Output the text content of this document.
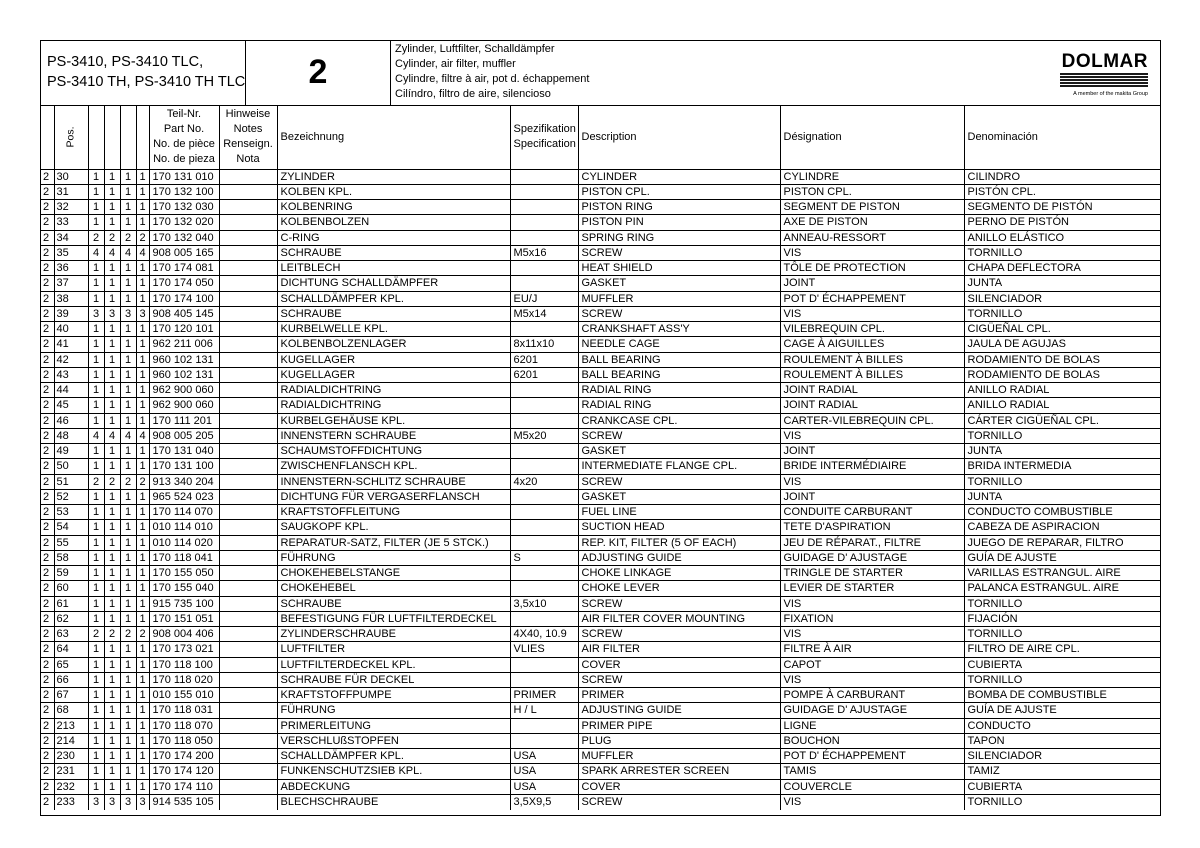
PS-3410, PS-3410 TLC,
PS-3410 TH, PS-3410 TH TLC	2
Zylinder, Luftfilter, Schalldämpfer
Cylinder, air filter, muffler
Cylindre, filtre à air, pot d. échappement
Cilíndro, filtro de aire, silencioso
DOLMAR
A member of the makita Group
	Pos.					Teil-Nr.
Part No.
No. de pièce
No. de pieza	Hinweise
Notes
Renseign.
Nota	Bezeichnung	Spezifikation
Specification	Description	Désignation	Denominación
2	30	1	1	1	1	170 131 010		ZYLINDER		CYLINDER	CYLINDRE	CILINDRO
2	31	1	1	1	1	170 132 100		KOLBEN KPL.		PISTON CPL.	PISTON CPL.	PISTÓN CPL.
2	32	1	1	1	1	170 132 030		KOLBENRING		PISTON RING	SEGMENT DE PISTON	SEGMENTO DE PISTÓN
2	33	1	1	1	1	170 132 020		KOLBENBOLZEN		PISTON PIN	AXE DE PISTON	PERNO DE PISTÓN
2	34	2	2	2	2	170 132 040		C-RING		SPRING RING	ANNEAU-RESSORT	ANILLO ELÁSTICO
2	35	4	4	4	4	908 005 165		SCHRAUBE	M5x16	SCREW	VIS	TORNILLO
2	36	1	1	1	1	170 174 081		LEITBLECH		HEAT SHIELD	TÔLE DE PROTECTION	CHAPA DEFLECTORA
2	37	1	1	1	1	170 174 050		DICHTUNG SCHALLDÄMPFER		GASKET	JOINT	JUNTA
2	38	1	1	1	1	170 174 100		SCHALLDÄMPFER KPL.	EU/J	MUFFLER	POT D' ÉCHAPPEMENT	SILENCIADOR
2	39	3	3	3	3	908 405 145		SCHRAUBE	M5x14	SCREW	VIS	TORNILLO
2	40	1	1	1	1	170 120 101		KURBELWELLE KPL.		CRANKSHAFT ASS'Y	VILEBREQUIN CPL.	CIGÜEÑAL CPL.
2	41	1	1	1	1	962 211 006		KOLBENBOLZENLAGER	8x11x10	NEEDLE CAGE	CAGE À AIGUILLES	JAULA DE AGUJAS
2	42	1	1	1	1	960 102 131		KUGELLAGER	6201	BALL BEARING	ROULEMENT À BILLES	RODAMIENTO DE BOLAS
2	43	1	1	1	1	960 102 131		KUGELLAGER	6201	BALL BEARING	ROULEMENT À BILLES	RODAMIENTO DE BOLAS
2	44	1	1	1	1	962 900 060		RADIALDICHTRING		RADIAL RING	JOINT RADIAL	ANILLO RADIAL
2	45	1	1	1	1	962 900 060		RADIALDICHTRING		RADIAL RING	JOINT RADIAL	ANILLO RADIAL
2	46	1	1	1	1	170 111 201		KURBELGEHÄUSE KPL.		CRANKCASE CPL.	CARTER-VILEBREQUIN CPL.	CÁRTER CIGÜEÑAL CPL.
2	48	4	4	4	4	908 005 205		INNENSTERN SCHRAUBE	M5x20	SCREW	VIS	TORNILLO
2	49	1	1	1	1	170 131 040		SCHAUMSTOFFDICHTUNG		GASKET	JOINT	JUNTA
2	50	1	1	1	1	170 131 100		ZWISCHENFLANSCH KPL.		INTERMEDIATE FLANGE CPL.	BRIDE INTERMÉDIAIRE	BRIDA INTERMEDIA
2	51	2	2	2	2	913 340 204		INNENSTERN-SCHLITZ SCHRAUBE	4x20	SCREW	VIS	TORNILLO
2	52	1	1	1	1	965 524 023		DICHTUNG FÜR VERGASERFLANSCH		GASKET	JOINT	JUNTA
2	53	1	1	1	1	170 114 070		KRAFTSTOFFLEITUNG		FUEL LINE	CONDUITE CARBURANT	CONDUCTO COMBUSTIBLE
2	54	1	1	1	1	010 114 010		SAUGKOPF KPL.		SUCTION HEAD	TETE D'ASPIRATION	CABEZA DE ASPIRACION
2	55	1	1	1	1	010 114 020		REPARATUR-SATZ, FILTER (JE 5 STCK.)		REP. KIT, FILTER (5 OF EACH)	JEU DE RÉPARAT., FILTRE	JUEGO DE REPARAR, FILTRO
2	58	1	1	1	1	170 118 041		FÜHRUNG	S	ADJUSTING GUIDE	GUIDAGE D' AJUSTAGE	GUÍA DE AJUSTE
2	59	1	1	1	1	170 155 050		CHOKEHEBELSTANGE		CHOKE LINKAGE	TRINGLE DE STARTER	VARILLAS ESTRANGUL. AIRE
2	60	1	1	1	1	170 155 040		CHOKEHEBEL		CHOKE LEVER	LEVIER DE STARTER	PALANCA ESTRANGUL. AIRE
2	61	1	1	1	1	915 735 100		SCHRAUBE	3,5x10	SCREW	VIS	TORNILLO
2	62	1	1	1	1	170 151 051		BEFESTIGUNG FÜR LUFTFILTERDECKEL		AIR FILTER COVER MOUNTING	FIXATION	FIJACIÓN
2	63	2	2	2	2	908 004 406		ZYLINDERSCHRAUBE	4X40, 10.9	SCREW	VIS	TORNILLO
2	64	1	1	1	1	170 173 021		LUFTFILTER	VLIES	AIR FILTER	FILTRE À AIR	FILTRO DE AIRE CPL.
2	65	1	1	1	1	170 118 100		LUFTFILTERDECKEL KPL.		COVER	CAPOT	CUBIERTA
2	66	1	1	1	1	170 118 020		SCHRAUBE FÜR DECKEL		SCREW	VIS	TORNILLO
2	67	1	1	1	1	010 155 010		KRAFTSTOFFPUMPE	PRIMER	PRIMER	POMPE À CARBURANT	BOMBA DE COMBUSTIBLE
2	68	1	1	1	1	170 118 031		FÜHRUNG	H / L	ADJUSTING GUIDE	GUIDAGE D' AJUSTAGE	GUÍA DE AJUSTE
2	213	1	1	1	1	170 118 070		PRIMERLEITUNG		PRIMER PIPE	LIGNE	CONDUCTO
2	214	1	1	1	1	170 118 050		VERSCHLUßSTOPFEN		PLUG	BOUCHON	TAPON
2	230	1	1	1	1	170 174 200		SCHALLDÄMPFER KPL.	USA	MUFFLER	POT D' ÉCHAPPEMENT	SILENCIADOR
2	231	1	1	1	1	170 174 120		FUNKENSCHUTZSIEB KPL.	USA	SPARK ARRESTER SCREEN	TAMIS	TAMIZ
2	232	1	1	1	1	170 174 110		ABDECKUNG	USA	COVER	COUVERCLE	CUBIERTA
2	233	3	3	3	3	914 535 105		BLECHSCHRAUBE	3,5X9,5	SCREW	VIS	TORNILLO
